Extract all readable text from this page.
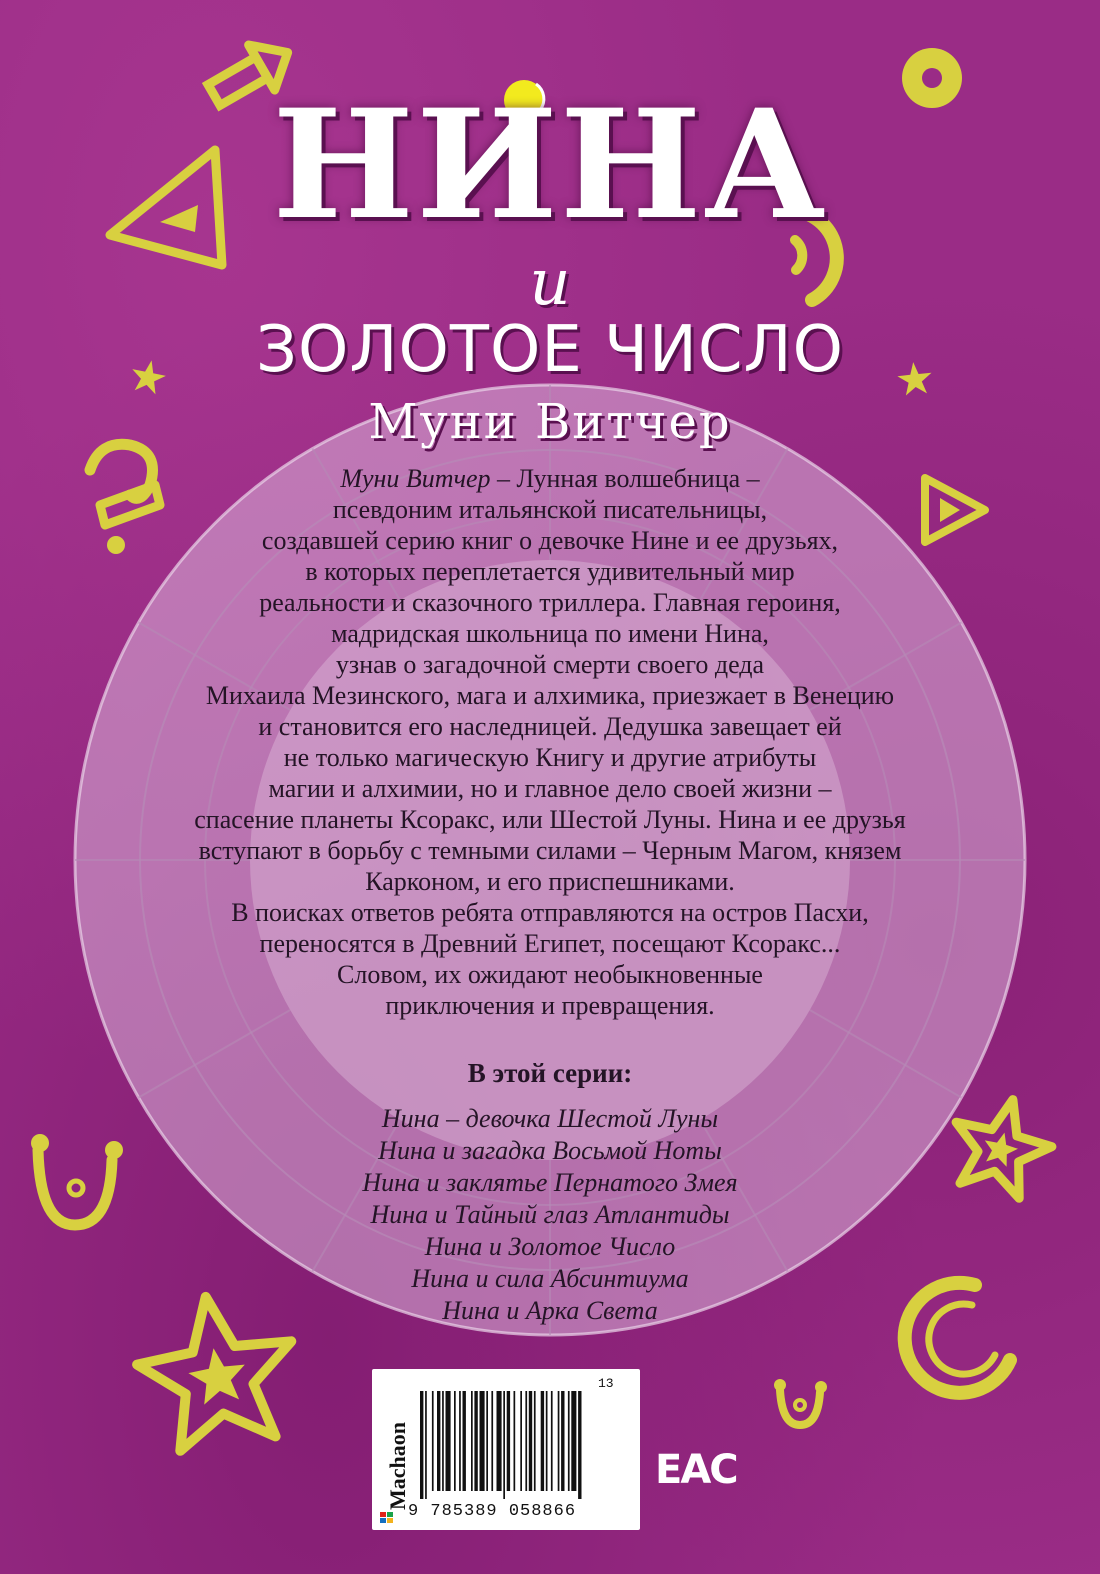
НИНА
и
ЗОЛОТОЕ ЧИСЛО
Муни Витчер
Муни Витчер – Лунная волшебница –
псевдоним итальянской писательницы,
создавшей серию книг о девочке Нине и ее друзьях,
в которых переплетается удивительный мир
реальности и сказочного триллера. Главная героиня,
мадридская школьница по имени Нина,
узнав о загадочной смерти своего деда
Михаила Мезинского, мага и алхимика, приезжает в Венецию
и становится его наследницей. Дедушка завещает ей
не только магическую Книгу и другие атрибуты
магии и алхимии, но и главное дело своей жизни –
спасение планеты Ксоракс, или Шестой Луны. Нина и ее друзья
вступают в борьбу с темными силами – Черным Магом, князем
Карконом, и его приспешниками.
В поисках ответов ребята отправляются на остров Пасхи,
переносятся в Древний Египет, посещают Ксоракс...
Словом, их ожидают необыкновенные
приключения и превращения.
В этой серии:
Нина – девочка Шестой Луны
Нина и загадка Восьмой Ноты
Нина и заклятье Пернатого Змея
Нина и Тайный глаз Атлантиды
Нина и Золотое Число
Нина и сила Абсинтиума
Нина и Арка Света
Machaon
13
9 785389 058866
EAC
